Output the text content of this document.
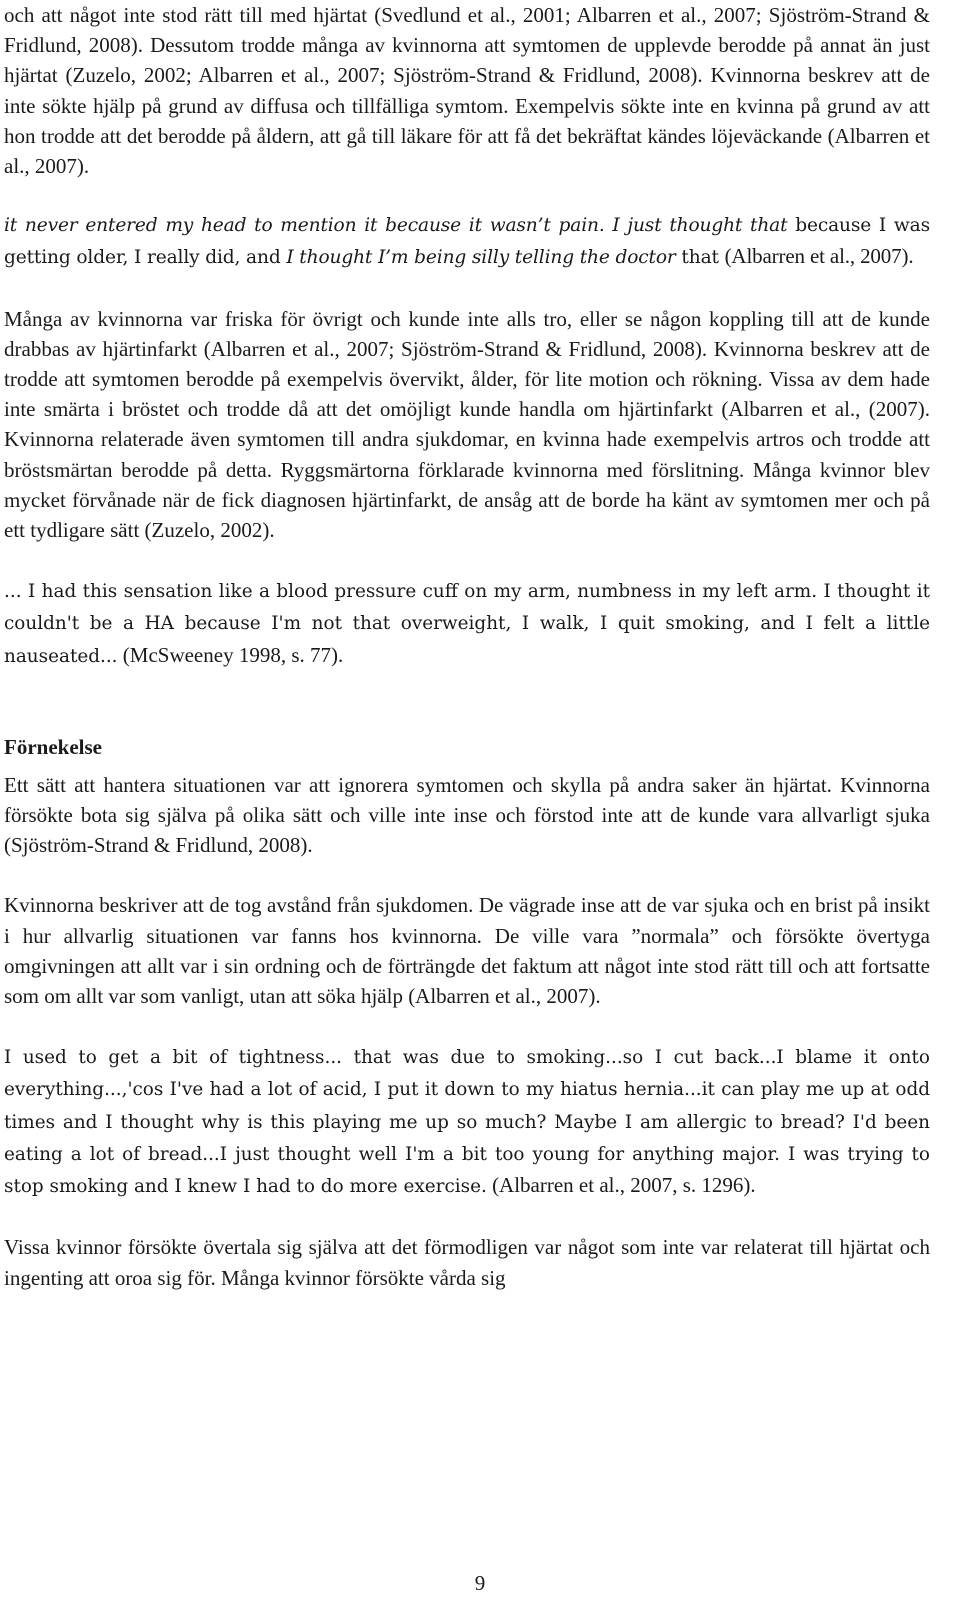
och att något inte stod rätt till med hjärtat (Svedlund et al., 2001; Albarren et al., 2007; Sjöström-Strand & Fridlund, 2008). Dessutom trodde många av kvinnorna att symtomen de upplevde berodde på annat än just hjärtat (Zuzelo, 2002; Albarren et al., 2007; Sjöström-Strand & Fridlund, 2008). Kvinnorna beskrev att de inte sökte hjälp på grund av diffusa och tillfälliga symtom. Exempelvis sökte inte en kvinna på grund av att hon trodde att det berodde på åldern, att gå till läkare för att få det bekräftat kändes löjeväckande (Albarren et al., 2007).

it never entered my head to mention it because it wasn’t pain. I just thought that because I was getting older, I really did, and I thought I’m being silly telling the doctor that (Albarren et al., 2007).

Många av kvinnorna var friska för övrigt och kunde inte alls tro, eller se någon koppling till att de kunde drabbas av hjärtinfarkt (Albarren et al., 2007; Sjöström-Strand & Fridlund, 2008). Kvinnorna beskrev att de trodde att symtomen berodde på exempelvis övervikt, ålder, för lite motion och rökning. Vissa av dem hade inte smärta i bröstet och trodde då att det omöjligt kunde handla om hjärtinfarkt (Albarren et al., (2007). Kvinnorna relaterade även symtomen till andra sjukdomar, en kvinna hade exempelvis artros och trodde att bröstsmärtan berodde på detta. Ryggsmärtorna förklarade kvinnorna med förslitning. Många kvinnor blev mycket förvånade när de fick diagnosen hjärtinfarkt, de ansåg att de borde ha känt av symtomen mer och på ett tydligare sätt (Zuzelo, 2002).

... I had this sensation like a blood pressure cuff on my arm, numbness in my left arm. I thought it couldn't be a HA because I'm not that overweight, I walk, I quit smoking, and I felt a little nauseated... (McSweeney 1998, s. 77).

Förnekelse

Ett sätt att hantera situationen var att ignorera symtomen och skylla på andra saker än hjärtat. Kvinnorna försökte bota sig själva på olika sätt och ville inte inse och förstod inte att de kunde vara allvarligt sjuka (Sjöström-Strand & Fridlund, 2008).

Kvinnorna beskriver att de tog avstånd från sjukdomen. De vägrade inse att de var sjuka och en brist på insikt i hur allvarlig situationen var fanns hos kvinnorna. De ville vara ”normala” och försökte övertyga omgivningen att allt var i sin ordning och de förträngde det faktum att något inte stod rätt till och att fortsatte som om allt var som vanligt, utan att söka hjälp (Albarren et al., 2007).

I used to get a bit of tightness... that was due to smoking...so I cut back...I blame it onto everything...,'cos I've had a lot of acid, I put it down to my hiatus hernia...it can play me up at odd times and I thought why is this playing me up so much? Maybe I am allergic to bread? I'd been eating a lot of bread...I just thought well I'm a bit too young for anything major. I was trying to stop smoking and I knew I had to do more exercise. (Albarren et al., 2007, s. 1296).

Vissa kvinnor försökte övertala sig själva att det förmodligen var något som inte var relaterat till hjärtat och ingenting att oroa sig för. Många kvinnor försökte vårda sig

9
